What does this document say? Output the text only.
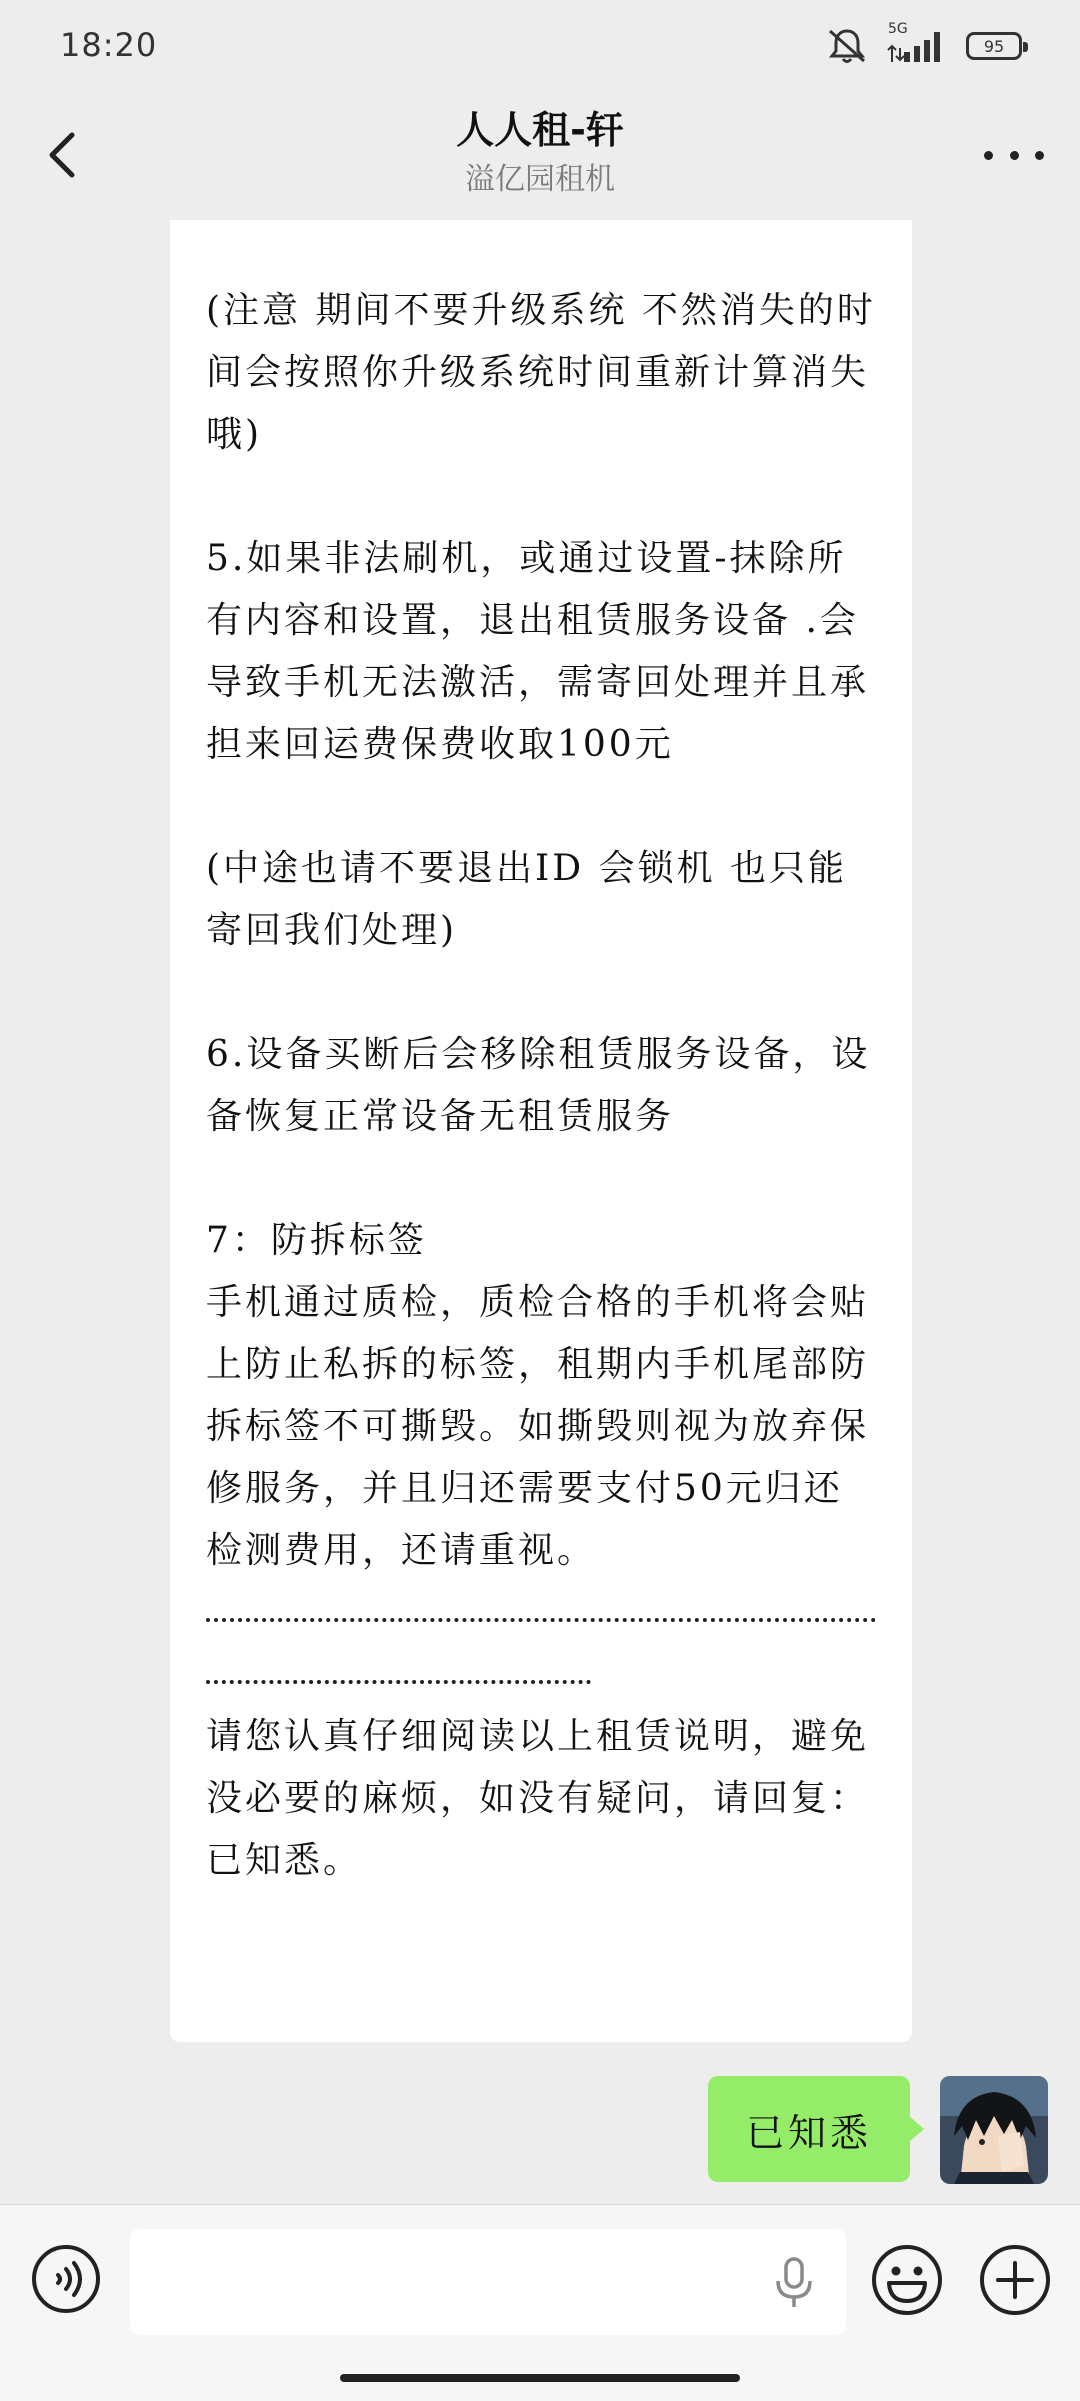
18:20	5G
95
人人租-轩
溢亿园租机

(注意 期间不要升级系统 不然消失的时间会按照你升级系统时间重新计算消失哦)

5.如果非法刷机，或通过设置-抹除所有内容和设置，退出租赁服务设备 .会导致手机无法激活，需寄回处理并且承担来回运费保费收取100元

(中途也请不要退出ID 会锁机 也只能寄回我们处理)

6.设备买断后会移除租赁服务设备，设备恢复正常设备无租赁服务

7：防拆标签

手机通过质检，质检合格的手机将会贴上防止私拆的标签，租期内手机尾部防拆标签不可撕毁。如撕毁则视为放弃保修服务，并且归还需要支付50元归还检测费用，还请重视。

请您认真仔细阅读以上租赁说明，避免没必要的麻烦，如没有疑问，请回复：已知悉。

已知悉
